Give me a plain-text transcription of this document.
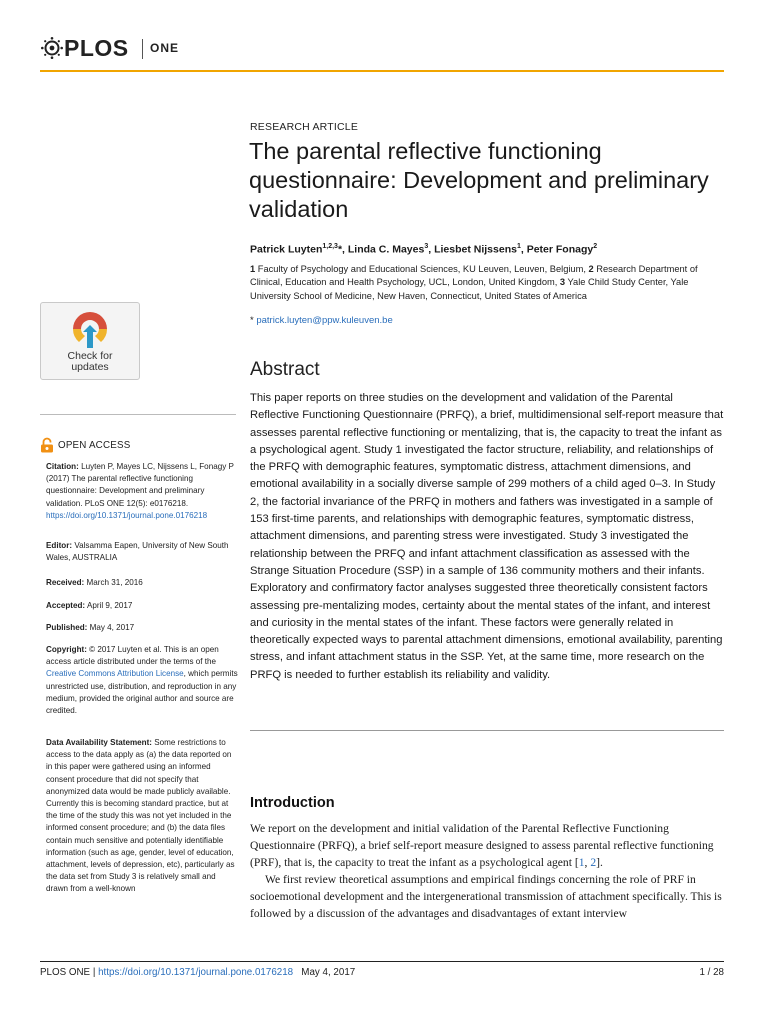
PLOS ONE
Check for
updates
OPEN ACCESS

Citation: Luyten P, Mayes LC, Nijssens L, Fonagy P (2017) The parental reflective functioning questionnaire: Development and preliminary validation. PLoS ONE 12(5): e0176218. https://doi.org/10.1371/journal.pone.0176218

Editor: Valsamma Eapen, University of New South Wales, AUSTRALIA

Received: March 31, 2016

Accepted: April 9, 2017

Published: May 4, 2017

Copyright: © 2017 Luyten et al. This is an open access article distributed under the terms of the Creative Commons Attribution License, which permits unrestricted use, distribution, and reproduction in any medium, provided the original author and source are credited.

Data Availability Statement: Some restrictions to access to the data apply as (a) the data reported on in this paper were gathered using an informed consent procedure that did not specify that anonymized data would be made publicly available. Currently this is becoming standard practice, but at the time of the study this was not yet included in the informed consent procedure; and (b) the data files contain much sensitive and potentially identifiable information (such as age, gender, level of education, attachment, levels of depression, etc), particularly as the data set from Study 3 is relatively small and drawn from a well-known

RESEARCH ARTICLE
The parental reflective functioning questionnaire: Development and preliminary validation
Patrick Luyten$^{1,2,3}$*, Linda C. Mayes$^3$, Liesbet Nijssens$^1$, Peter Fonagy$^2$
1 Faculty of Psychology and Educational Sciences, KU Leuven, Leuven, Belgium, 2 Research Department of Clinical, Education and Health Psychology, UCL, London, United Kingdom, 3 Yale Child Study Center, Yale University School of Medicine, New Haven, Connecticut, United States of America
* patrick.luyten@ppw.kuleuven.be
Abstract

This paper reports on three studies on the development and validation of the Parental Reflective Functioning Questionnaire (PRFQ), a brief, multidimensional self-report measure that assesses parental reflective functioning or mentalizing, that is, the capacity to treat the infant as a psychological agent. Study 1 investigated the factor structure, reliability, and relationships of the PRFQ with demographic features, symptomatic distress, attachment dimensions, and emotional availability in a socially diverse sample of 299 mothers of a child aged 0–3. In Study 2, the factorial invariance of the PRFQ in mothers and fathers was investigated in a sample of 153 first-time parents, and relationships with demographic features, symptomatic distress, attachment dimensions, and parenting stress were investigated. Study 3 investigated the relationship between the PRFQ and infant attachment classification as assessed with the Strange Situation Procedure (SSP) in a sample of 136 community mothers and their infants. Exploratory and confirmatory factor analyses suggested three theoretically consistent factors assessing pre-mentalizing modes, certainty about the mental states of the infant, and interest and curiosity in the mental states of the infant. These factors were generally related in theoretically expected ways to parental attachment dimensions, emotional availability, parenting stress, and infant attachment status in the SSP. Yet, at the same time, more research on the PRFQ is needed to further establish its reliability and validity.

Introduction

We report on the development and initial validation of the Parental Reflective Functioning Questionnaire (PRFQ), a brief self-report measure designed to assess parental reflective functioning (PRF), that is, the capacity to treat the infant as a psychological agent [1, 2].

We first review theoretical assumptions and empirical findings concerning the role of PRF in socioemotional development and the intergenerational transmission of attachment specifically. This is followed by a discussion of the advantages and disadvantages of extant interview

PLOS ONE | https://doi.org/10.1371/journal.pone.0176218 May 4, 2017	1 / 28
